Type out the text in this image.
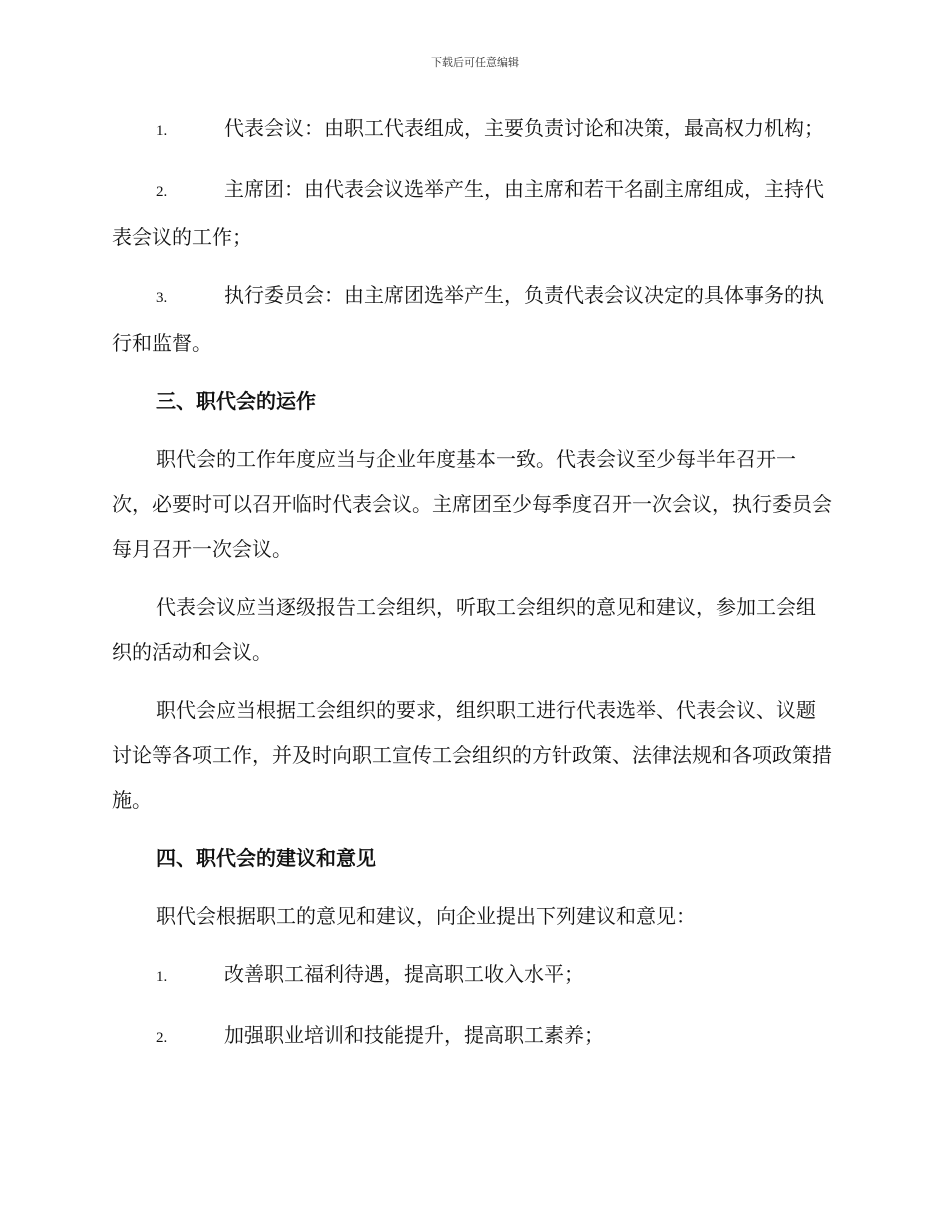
下载后可任意编辑
1.	代表会议：由职工代表组成，主要负责讨论和决策，最高权力机构；
2.	主席团：由代表会议选举产生，由主席和若干名副主席组成，主持代表会议的工作；
3.	执行委员会：由主席团选举产生，负责代表会议决定的具体事务的执行和监督。
三、职代会的运作
职代会的工作年度应当与企业年度基本一致。代表会议至少每半年召开一次，必要时可以召开临时代表会议。主席团至少每季度召开一次会议，执行委员会每月召开一次会议。
代表会议应当逐级报告工会组织，听取工会组织的意见和建议，参加工会组织的活动和会议。
职代会应当根据工会组织的要求，组织职工进行代表选举、代表会议、议题讨论等各项工作，并及时向职工宣传工会组织的方针政策、法律法规和各项政策措施。
四、职代会的建议和意见
职代会根据职工的意见和建议，向企业提出下列建议和意见：
1.	改善职工福利待遇，提高职工收入水平；
2.	加强职业培训和技能提升，提高职工素养；
